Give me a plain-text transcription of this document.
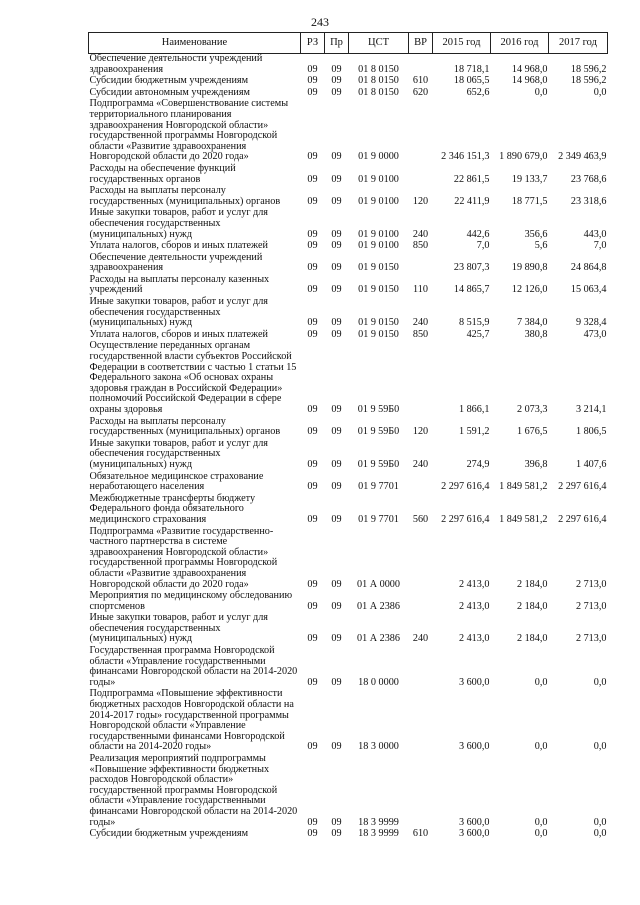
243
Наименование	РЗ	Пр	ЦСТ	ВР	2015 год	2016 год	2017 год
Обеспечение деятельности учреждений здравоохранения	09	09	01 8 0150		18 718,1	14 968,0	18 596,2
Субсидии бюджетным учреждениям	09	09	01 8 0150	610	18 065,5	14 968,0	18 596,2
Субсидии автономным учреждениям	09	09	01 8 0150	620	652,6	0,0	0,0
Подпрограмма «Совершенствование системы территориального планирования здравоохранения Новгородской области» государственной программы Новгородской области «Развитие здравоохранения Новгородской области до 2020 года»	09	09	01 9 0000		2 346 151,3	1 890 679,0	2 349 463,9
Расходы на обеспечение функций государственных органов	09	09	01 9 0100		22 861,5	19 133,7	23 768,6
Расходы на выплаты персоналу государственных (муниципальных) органов	09	09	01 9 0100	120	22 411,9	18 771,5	23 318,6
Иные закупки товаров, работ и услуг для обеспечения государственных (муниципальных) нужд	09	09	01 9 0100	240	442,6	356,6	443,0
Уплата налогов, сборов и иных платежей	09	09	01 9 0100	850	7,0	5,6	7,0
Обеспечение деятельности учреждений здравоохранения	09	09	01 9 0150		23 807,3	19 890,8	24 864,8
Расходы на выплаты персоналу казенных учреждений	09	09	01 9 0150	110	14 865,7	12 126,0	15 063,4
Иные закупки товаров, работ и услуг для обеспечения государственных (муниципальных) нужд	09	09	01 9 0150	240	8 515,9	7 384,0	9 328,4
Уплата налогов, сборов и иных платежей	09	09	01 9 0150	850	425,7	380,8	473,0
Осуществление переданных органам государственной власти субъектов Российской Федерации в соответствии с частью 1 статьи 15 Федерального закона «Об основах охраны здоровья граждан в Российской Федерации» полномочий Российской Федерации в сфере охраны здоровья	09	09	01 9 59Б0		1 866,1	2 073,3	3 214,1
Расходы на выплаты персоналу государственных (муниципальных) органов	09	09	01 9 59Б0	120	1 591,2	1 676,5	1 806,5
Иные закупки товаров, работ и услуг для обеспечения государственных (муниципальных) нужд	09	09	01 9 59Б0	240	274,9	396,8	1 407,6
Обязательное медицинское страхование неработающего населения	09	09	01 9 7701		2 297 616,4	1 849 581,2	2 297 616,4
Межбюджетные трансферты бюджету Федерального фонда обязательного медицинского страхования	09	09	01 9 7701	560	2 297 616,4	1 849 581,2	2 297 616,4
Подпрограмма «Развитие государственно-частного партнерства в системе здравоохранения Новгородской области» государственной программы Новгородской области «Развитие здравоохранения Новгородской области до 2020 года»	09	09	01 А 0000		2 413,0	2 184,0	2 713,0
Мероприятия по медицинскому обследованию спортсменов	09	09	01 А 2386		2 413,0	2 184,0	2 713,0
Иные закупки товаров, работ и услуг для обеспечения государственных (муниципальных) нужд	09	09	01 А 2386	240	2 413,0	2 184,0	2 713,0
Государственная программа Новгородской области «Управление государственными финансами Новгородской области на 2014-2020 годы»	09	09	18 0 0000		3 600,0	0,0	0,0
Подпрограмма «Повышение эффективности бюджетных расходов Новгородской области на 2014-2017 годы» государственной программы Новгородской области «Управление государственными финансами Новгородской области на 2014-2020 годы»	09	09	18 3 0000		3 600,0	0,0	0,0
Реализация мероприятий подпрограммы «Повышение эффективности бюджетных расходов Новгородской области» государственной программы Новгородской области «Управление государственными финансами Новгородской области на 2014-2020 годы»	09	09	18 3 9999		3 600,0	0,0	0,0
Субсидии бюджетным учреждениям	09	09	18 3 9999	610	3 600,0	0,0	0,0
